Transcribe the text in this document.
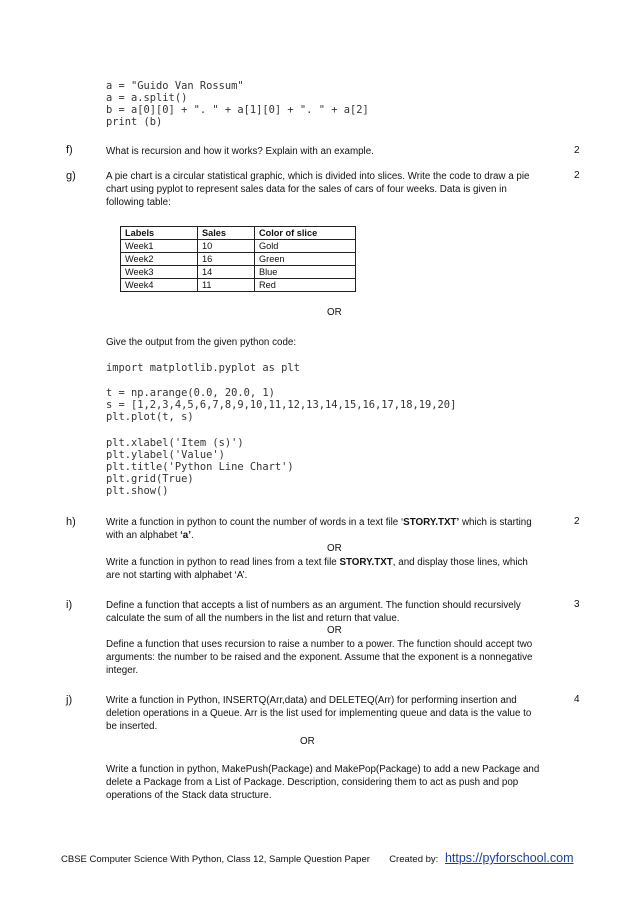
a = "Guido Van Rossum"
a = a.split()
b = a[0][0] + ". " + a[1][0] + ". " + a[2]
print (b)
f)	What is recursion and how it works? Explain with an example.	2
g)	A pie chart is a circular statistical graphic, which is divided into slices. Write the code to draw a pie
chart using pyplot to represent sales data for the sales of cars of four weeks. Data is given in
following table:
2
Labels	Sales	Color of slice
Week1	10	Gold
Week2	16	Green
Week3	14	Blue
Week4	11	Red
OR
Give the output from the given python code:
import matplotlib.pyplot as plt
t = np.arange(0.0, 20.0, 1)
s = [1,2,3,4,5,6,7,8,9,10,11,12,13,14,15,16,17,18,19,20]
plt.plot(t, s)
plt.xlabel('Item (s)')
plt.ylabel('Value')
plt.title('Python Line Chart')
plt.grid(True)
plt.show()
h)	Write a function in python to count the number of words in a text file ‘STORY.TXT’ which is starting
with an alphabet ‘a’.
2
OR
Write a function in python to read lines from a text file STORY.TXT, and display those lines, which
are not starting with alphabet ‘A’.
i)	Define a function that accepts a list of numbers as an argument. The function should recursively
calculate the sum of all the numbers in the list and return that value.
3
OR
Define a function that uses recursion to raise a number to a power. The function should accept two
arguments: the number to be raised and the exponent. Assume that the exponent is a nonnegative
integer.
j)	Write a function in Python, INSERTQ(Arr,data) and DELETEQ(Arr) for performing insertion and
deletion operations in a Queue. Arr is the list used for implementing queue and data is the value to
be inserted.
4
OR
Write a function in python, MakePush(Package) and MakePop(Package) to add a new Package and
delete a Package from a List of Package. Description, considering them to act as push and pop
operations of the Stack data structure.
CBSE Computer Science With Python, Class 12, Sample Question Paper Created by: https://pyforschool.com
